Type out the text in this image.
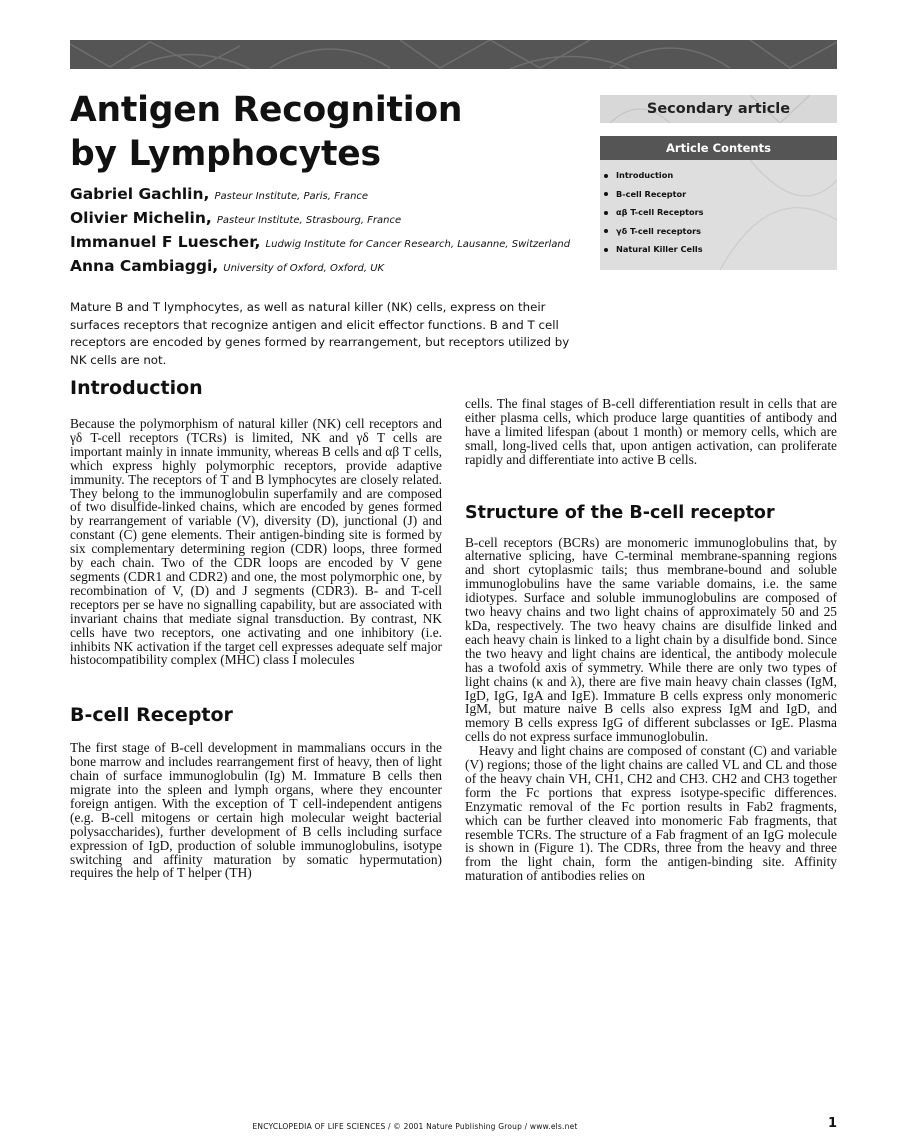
Antigen Recognition
by Lymphocytes
Gabriel Gachlin, Pasteur Institute, Paris, France
Olivier Michelin, Pasteur Institute, Strasbourg, France
Immanuel F Luescher, Ludwig Institute for Cancer Research, Lausanne, Switzerland
Anna Cambiaggi, University of Oxford, Oxford, UK
Mature B and T lymphocytes, as well as natural killer (NK) cells, express on their surfaces receptors that recognize antigen and elicit effector functions. B and T cell receptors are encoded by genes formed by rearrangement, but receptors utilized by NK cells are not.
Secondary article
Article Contents
Introduction
B-cell Receptor
αβ T-cell Receptors
γδ T-cell receptors
Natural Killer Cells
Introduction

Because the polymorphism of natural killer (NK) cell receptors and γδ T-cell receptors (TCRs) is limited, NK and γδ T cells are important mainly in innate immunity, whereas B cells and αβ T cells, which express highly polymorphic receptors, provide adaptive immunity. The receptors of T and B lymphocytes are closely related. They belong to the immunoglobulin superfamily and are composed of two disulfide-linked chains, which are encoded by genes formed by rearrangement of variable (V), diversity (D), junctional (J) and constant (C) gene elements. Their antigen-binding site is formed by six complementary determining region (CDR) loops, three formed by each chain. Two of the CDR loops are encoded by V gene segments (CDR1 and CDR2) and one, the most polymorphic one, by recombination of V, (D) and J segments (CDR3). B- and T-cell receptors per se have no signalling capability, but are associated with invariant chains that mediate signal transduction. By contrast, NK cells have two receptors, one activating and one inhibitory (i.e. inhibits NK activation if the target cell expresses adequate self major histocompatibility complex (MHC) class I molecules

B-cell Receptor

The first stage of B-cell development in mammalians occurs in the bone marrow and includes rearrangement first of heavy, then of light chain of surface immunoglobulin (Ig) M. Immature B cells then migrate into the spleen and lymph organs, where they encounter foreign antigen. With the exception of T cell-independent antigens (e.g. B-cell mitogens or certain high molecular weight bacterial polysaccharides), further development of B cells including surface expression of IgD, production of soluble immunoglobulins, isotype switching and affinity maturation by somatic hypermutation) requires the help of T helper (TH)

cells. The final stages of B-cell differentiation result in cells that are either plasma cells, which produce large quantities of antibody and have a limited lifespan (about 1 month) or memory cells, which are small, long-lived cells that, upon antigen activation, can proliferate rapidly and differentiate into active B cells.

Structure of the B-cell receptor

B-cell receptors (BCRs) are monomeric immunoglobulins that, by alternative splicing, have C-terminal membrane-spanning regions and short cytoplasmic tails; thus membrane-bound and soluble immunoglobulins have the same variable domains, i.e. the same idiotypes. Surface and soluble immunoglobulins are composed of two heavy chains and two light chains of approximately 50 and 25 kDa, respectively. The two heavy chains are disulfide linked and each heavy chain is linked to a light chain by a disulfide bond. Since the two heavy and light chains are identical, the antibody molecule has a twofold axis of symmetry. While there are only two types of light chains (κ and λ), there are five main heavy chain classes (IgM, IgD, IgG, IgA and IgE). Immature B cells express only monomeric IgM, but mature naive B cells also express IgM and IgD, and memory B cells express IgG of different subclasses or IgE. Plasma cells do not express surface immunoglobulin.

Heavy and light chains are composed of constant (C) and variable (V) regions; those of the light chains are called VL and CL and those of the heavy chain VH, CH1, CH2 and CH3. CH2 and CH3 together form the Fc portions that express isotype-specific differences. Enzymatic removal of the Fc portion results in Fab2 fragments, which can be further cleaved into monomeric Fab fragments, that resemble TCRs. The structure of a Fab fragment of an IgG molecule is shown in (Figure 1). The CDRs, three from the heavy and three from the light chain, form the antigen-binding site. Affinity maturation of antibodies relies on

ENCYCLOPEDIA OF LIFE SCIENCES / © 2001 Nature Publishing Group / www.els.net	1
